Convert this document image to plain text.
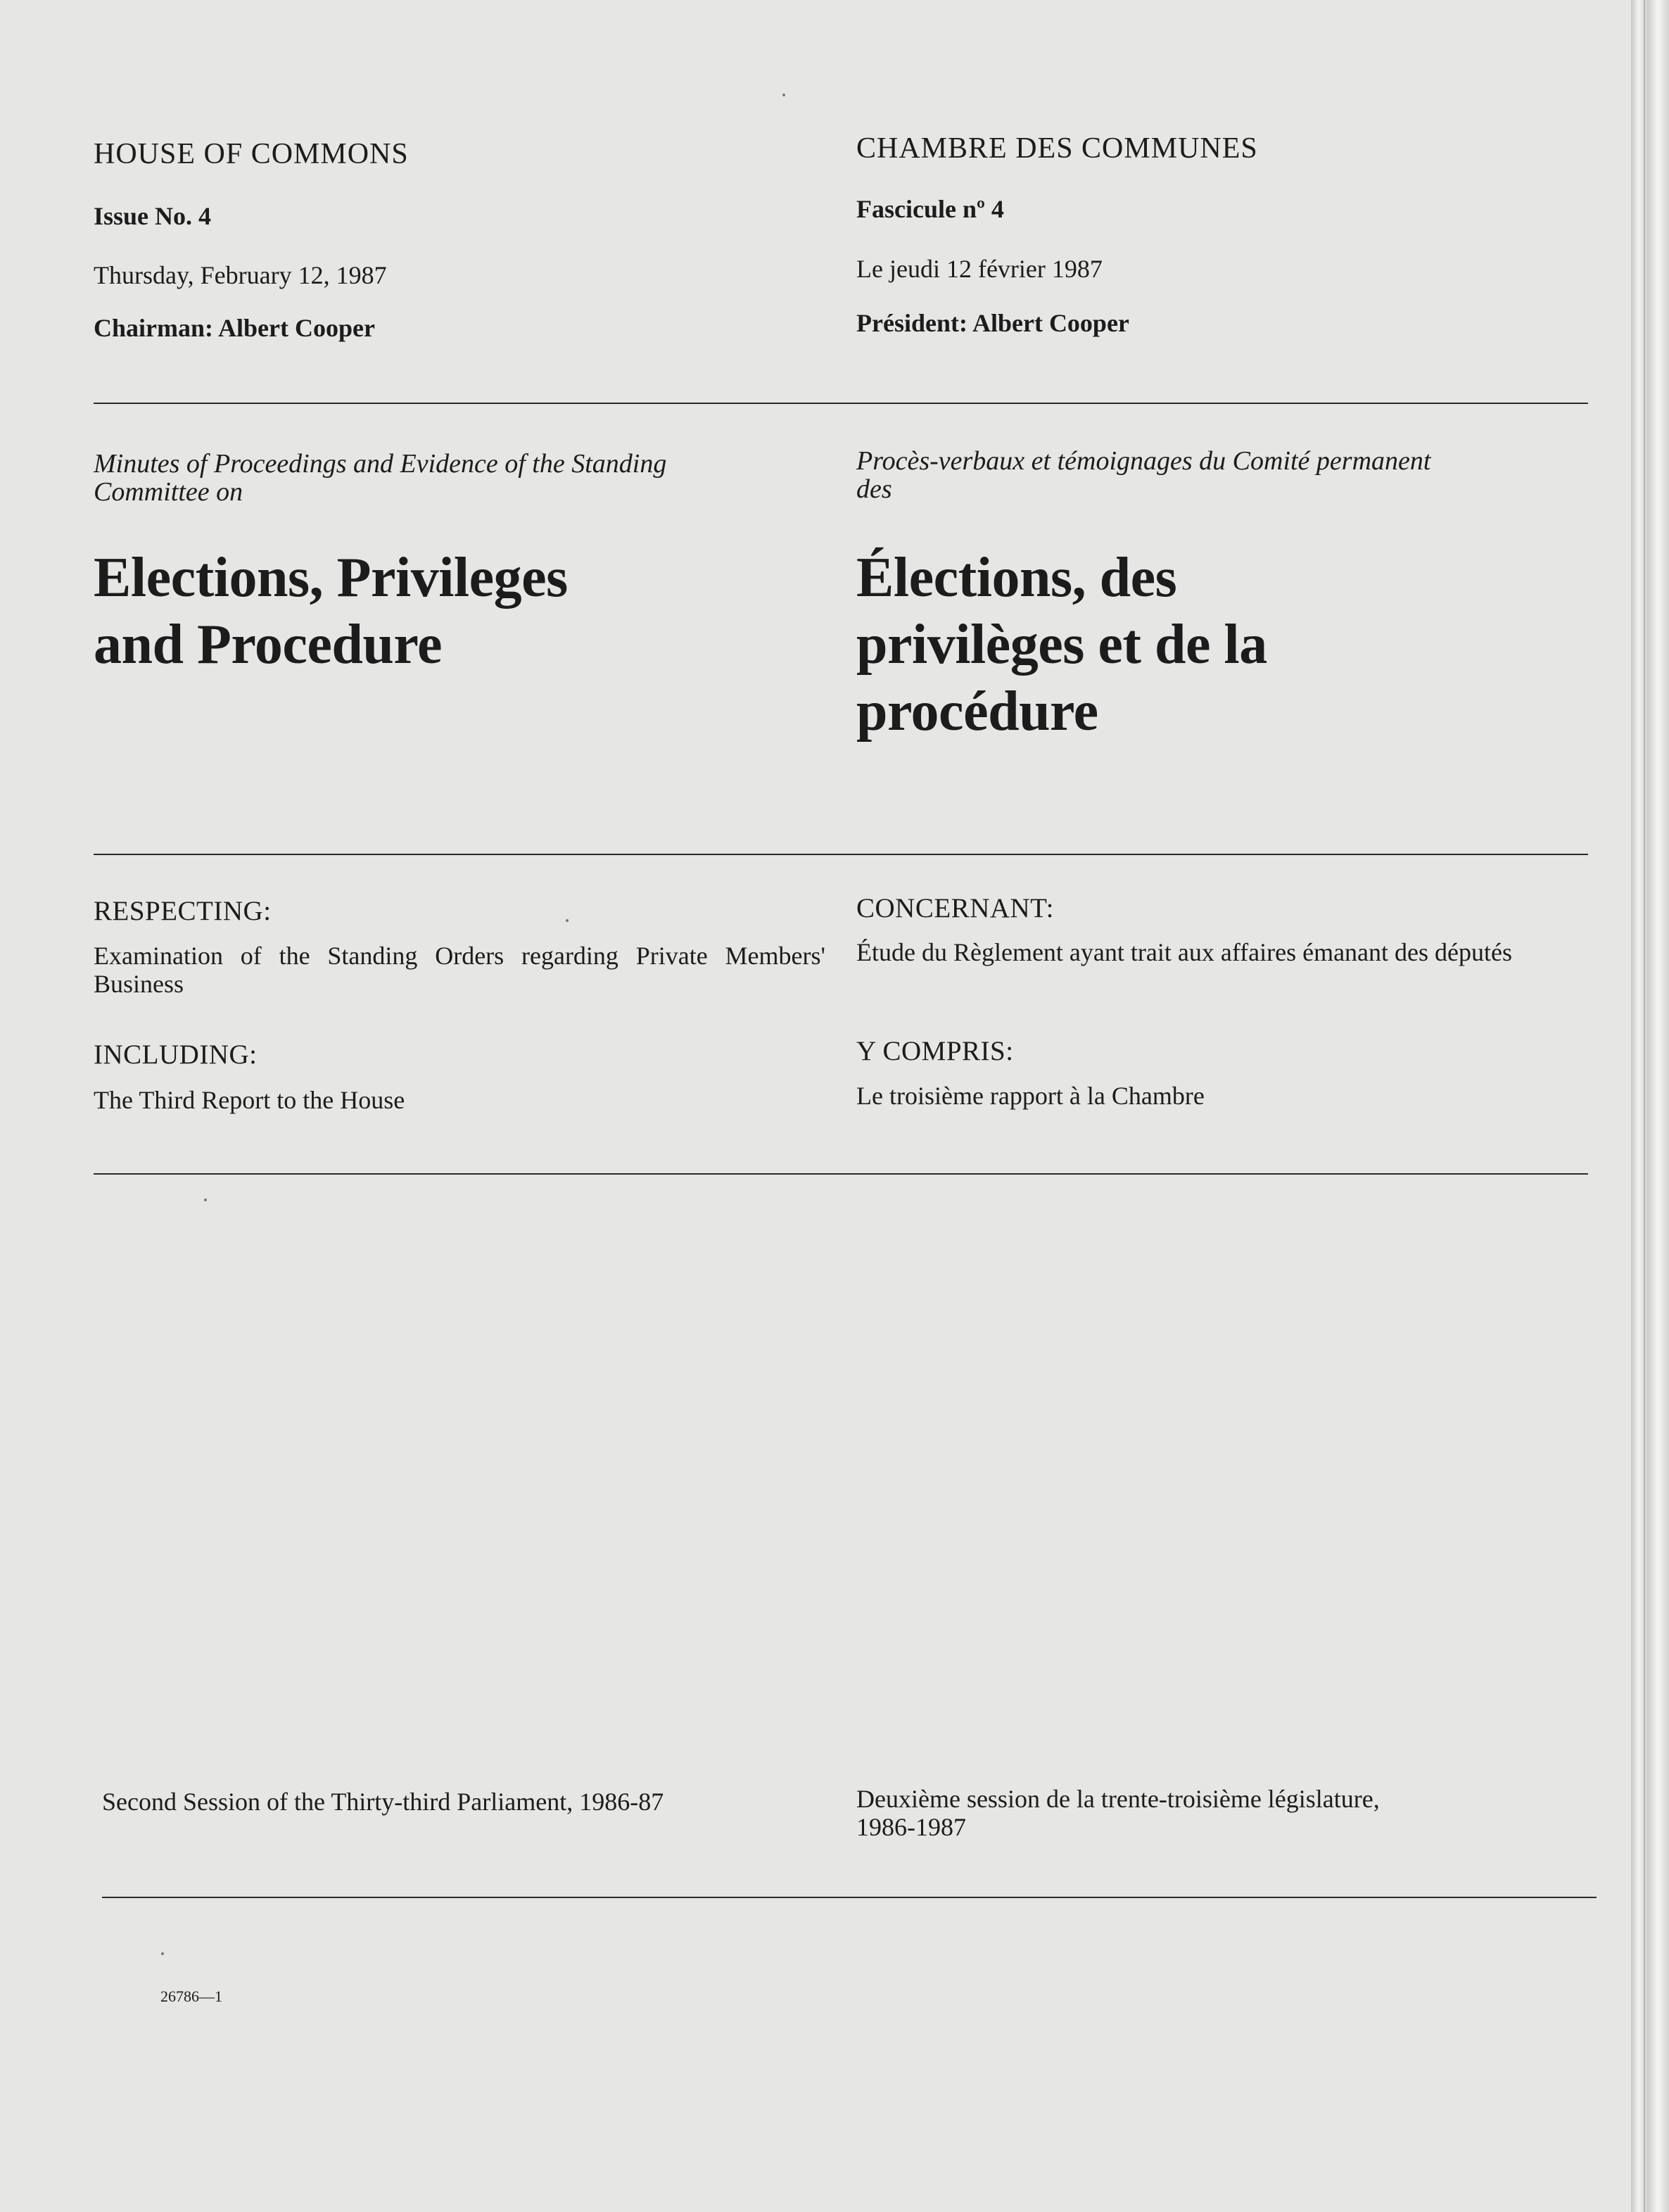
HOUSE OF COMMONS
Issue No. 4
Thursday, February 12, 1987
Chairman: Albert Cooper
CHAMBRE DES COMMUNES
Fascicule nº 4
Le jeudi 12 février 1987
Président: Albert Cooper
Minutes of Proceedings and Evidence of the Standing
Committee on
Elections, Privileges
and Procedure
Procès-verbaux et témoignages du Comité permanent
des
Élections, des
privilèges et de la
procédure
RESPECTING:
Examination of the Standing Orders regarding Private Members' Business
INCLUDING:
The Third Report to the House
CONCERNANT:
Étude du Règlement ayant trait aux affaires émanant des députés
Y COMPRIS:
Le troisième rapport à la Chambre
Second Session of the Thirty-third Parliament, 1986-87	Deuxième session de la trente-troisième législature,
1986-1987
26786—1
